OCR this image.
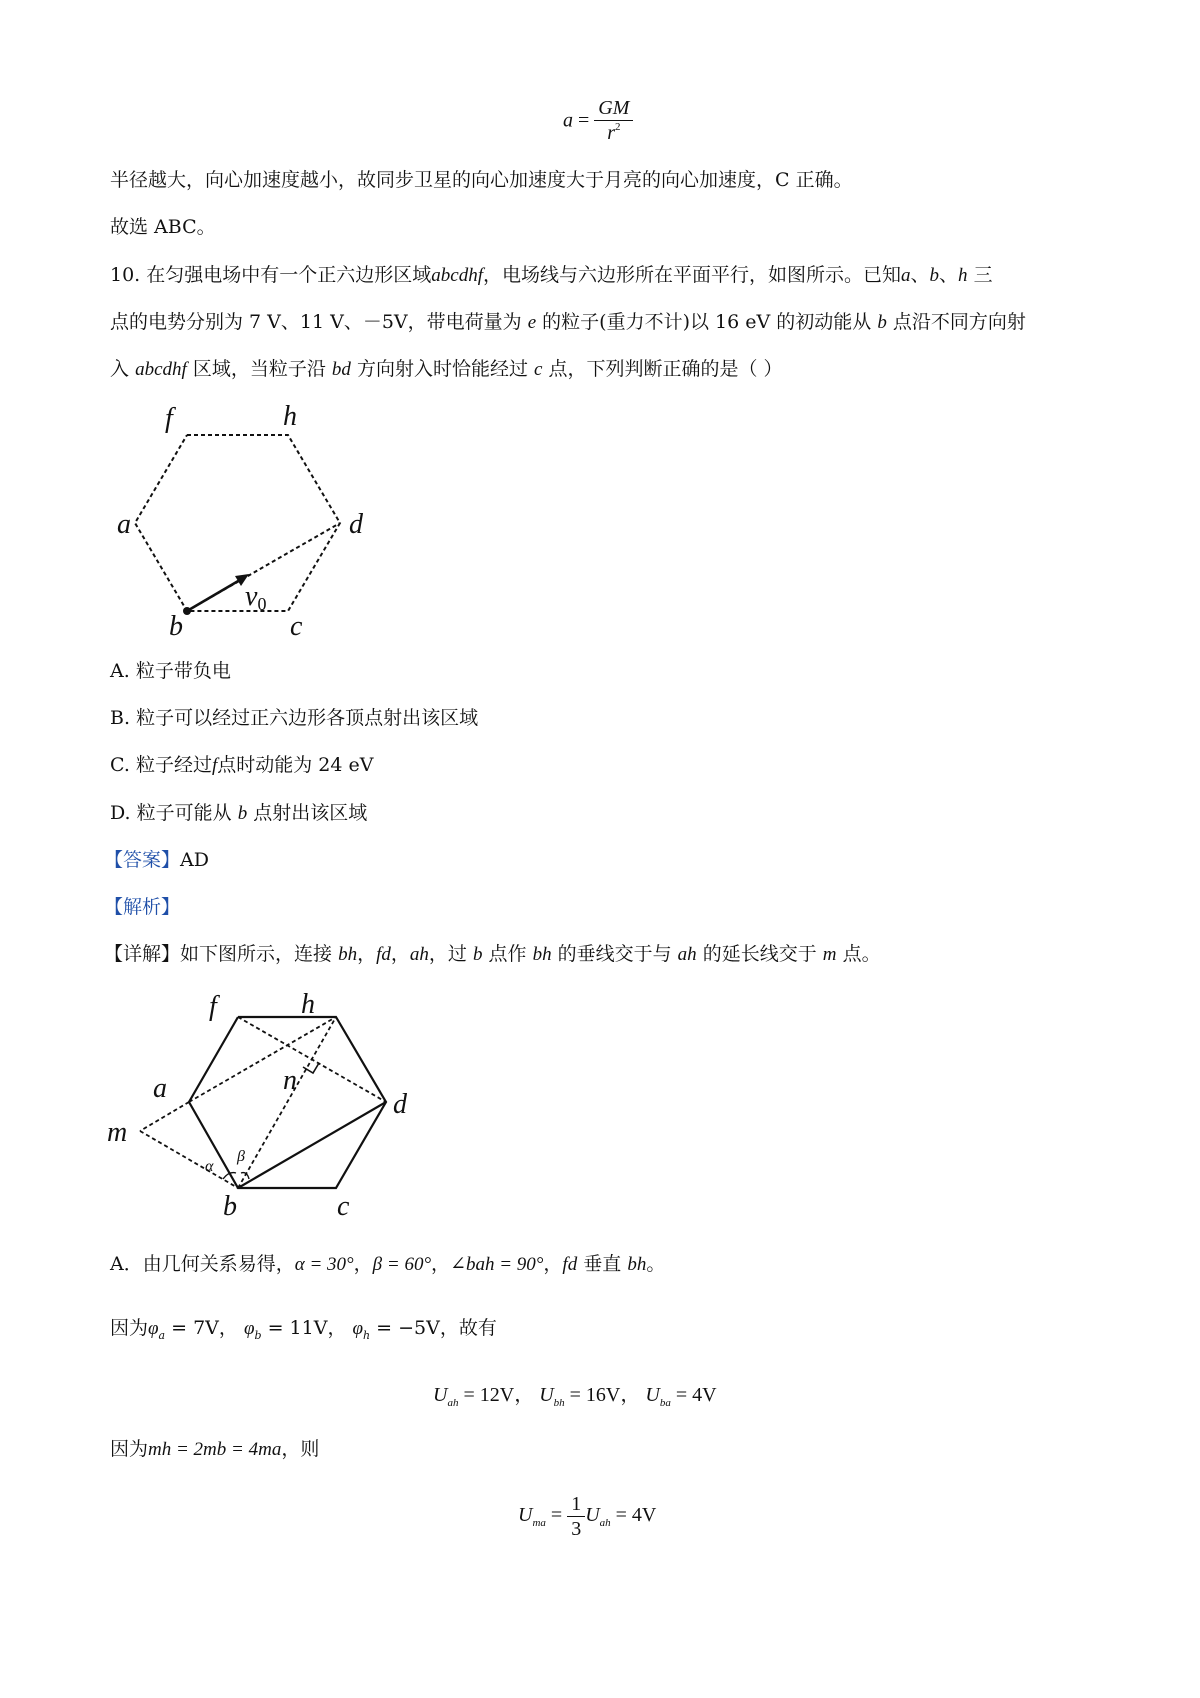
$a = \frac{GM}{r^2}$
半径越大，向心加速度越小，故同步卫星的向心加速度大于月亮的向心加速度，C 正确。
故选 ABC。
10. 在匀强电场中有一个正六边形区域abcdhf，电场线与六边形所在平面平行，如图所示。已知a、b、h 三
点的电势分别为 7 V、11 V、－5V，带电荷量为 e 的粒子(重力不计)以 16 eV 的初动能从 b 点沿不同方向射
入 abcdhf 区域，当粒子沿 bd 方向射入时恰能经过 c 点，下列判断正确的是（ ）
f	h
a	d
b	c
v0
A. 粒子带负电
B. 粒子可以经过正六边形各顶点射出该区域
C. 粒子经过f点时动能为 24 eV
D. 粒子可能从 b 点射出该区域
【答案】AD
【解析】
【详解】如下图所示，连接 bh，fd，ah，过 b 点作 bh 的垂线交于与 ah 的延长线交于 m 点。
f	h
n
a
d
m
b	c
α
β
A．由几何关系易得，α = 30°，β = 60°，∠bah = 90°，fd 垂直 bh。
因为$\varphi_a = 7V$， $\varphi_b = 11V$， $\varphi_h = -5V$，故有
$U_{ah} = 12V$， $U_{bh} = 16V$， $U_{ba} = 4V$
因为mh = 2mb = 4ma，则
$U_{ma} = \frac{1}{3} U_{ah} = 4V$
